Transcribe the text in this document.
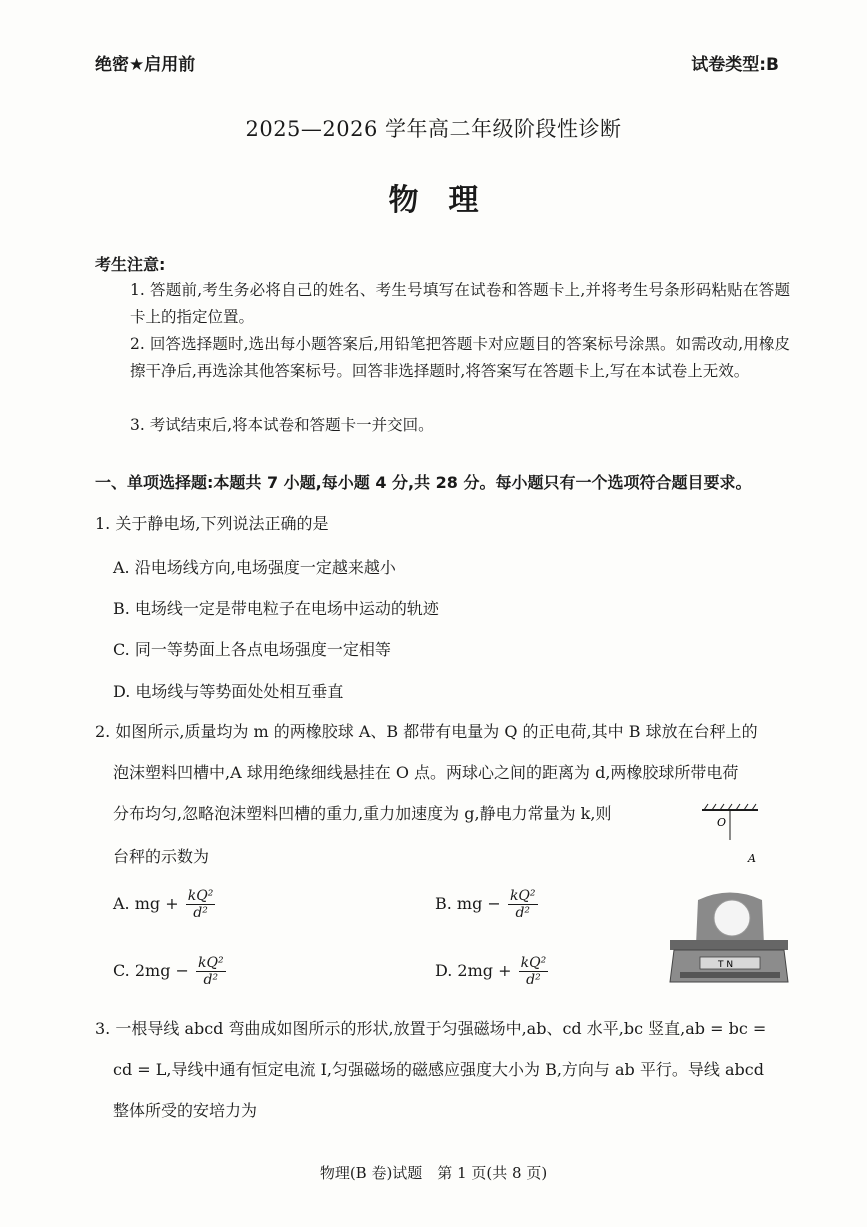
绝密★启用前	试卷类型:B
2025—2026 学年高二年级阶段性诊断
物　理
考生注意:
1. 答题前,考生务必将自己的姓名、考生号填写在试卷和答题卡上,并将考生号条形码粘贴在答题卡上的指定位置。
2. 回答选择题时,选出每小题答案后,用铅笔把答题卡对应题目的答案标号涂黑。如需改动,用橡皮擦干净后,再选涂其他答案标号。回答非选择题时,将答案写在答题卡上,写在本试卷上无效。
3. 考试结束后,将本试卷和答题卡一并交回。
一、单项选择题:本题共 7 小题,每小题 4 分,共 28 分。每小题只有一个选项符合题目要求。
1. 关于静电场,下列说法正确的是
A. 沿电场线方向,电场强度一定越来越小
B. 电场线一定是带电粒子在电场中运动的轨迹
C. 同一等势面上各点电场强度一定相等
D. 电场线与等势面处处相互垂直
2. 如图所示,质量均为 m 的两橡胶球 A、B 都带有电量为 Q 的正电荷,其中 B 球放在台秤上的
泡沫塑料凹槽中,A 球用绝缘细线悬挂在 O 点。两球心之间的距离为 d,两橡胶球所带电荷
分布均匀,忽略泡沫塑料凹槽的重力,重力加速度为 g,静电力常量为 k,则
台秤的示数为
A. mg + $\frac{\text{kQ²}}{\text{d²}}$	B. mg − $\frac{\text{kQ²}}{\text{d²}}$
C. $2mg - \frac{\text{kQ²}}{\text{d²}}$	D. $2mg + \frac{\text{kQ²}}{\text{d²}}$
O
A
T N
3. 一根导线 abcd 弯曲成如图所示的形状,放置于匀强磁场中,ab、cd 水平,bc 竖直,ab = bc =
cd = L,导线中通有恒定电流 I,匀强磁场的磁感应强度大小为 B,方向与 ab 平行。导线 abcd
整体所受的安培力为
物理(B 卷)试题　第 1 页(共 8 页)
